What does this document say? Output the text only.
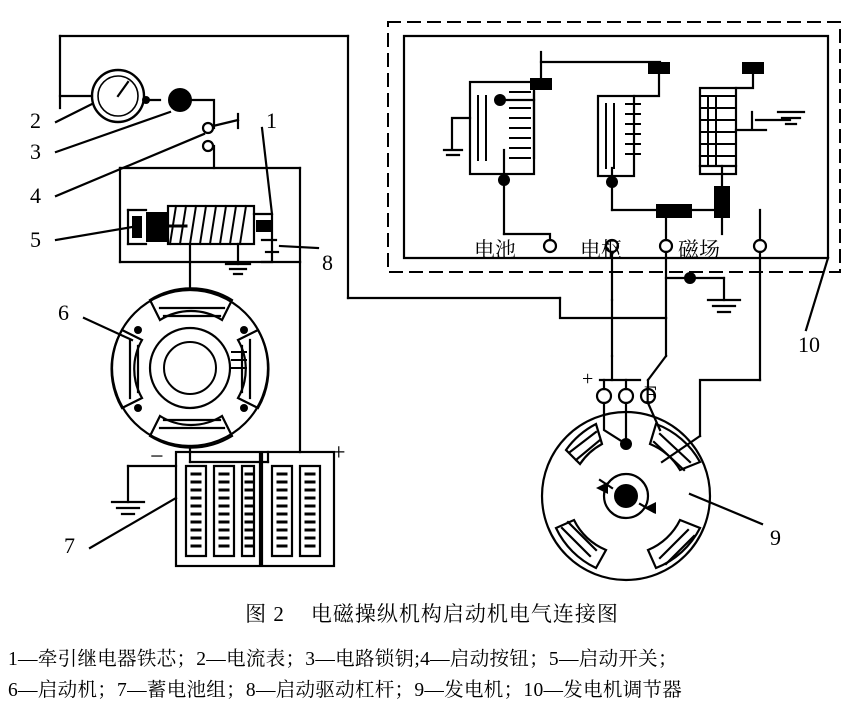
2
3
4
5
6
7
1
8
9
10
电池	电枢	磁场
+
F
−	+
图 2 电磁操纵机构启动机电气连接图
1—牵引继电器铁芯；2—电流表；3—电路锁钥;4—启动按钮；5—启动开关；
6—启动机；7—蓄电池组；8—启动驱动杠杆；9—发电机；10—发电机调节器
